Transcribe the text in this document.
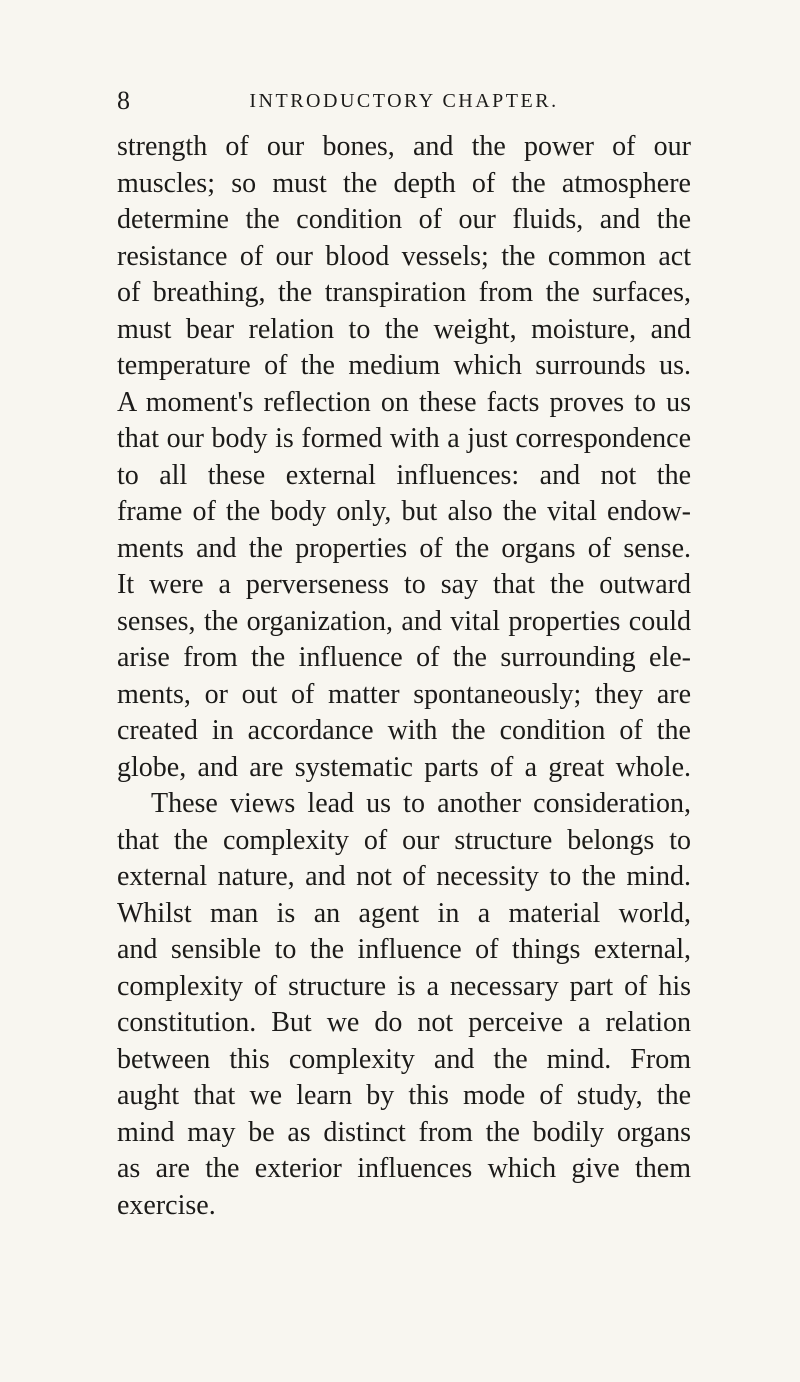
8	INTRODUCTORY CHAPTER.
strength of our bones, and the power of our
muscles; so must the depth of the atmosphere
determine the condition of our fluids, and the
resistance of our blood vessels; the common act
of breathing, the transpiration from the surfaces,
must bear relation to the weight, moisture, and
temperature of the medium which surrounds us.
A moment's reflection on these facts proves to us
that our body is formed with a just correspondence
to all these external influences: and not the
frame of the body only, but also the vital endow-
ments and the properties of the organs of sense.
It were a perverseness to say that the outward
senses, the organization, and vital properties could
arise from the influence of the surrounding ele-
ments, or out of matter spontaneously; they are
created in accordance with the condition of the
globe, and are systematic parts of a great whole.
These views lead us to another consideration,
that the complexity of our structure belongs to
external nature, and not of necessity to the mind.
Whilst man is an agent in a material world,
and sensible to the influence of things external,
complexity of structure is a necessary part of his
constitution. But we do not perceive a relation
between this complexity and the mind. From
aught that we learn by this mode of study, the
mind may be as distinct from the bodily organs
as are the exterior influences which give them
exercise.
